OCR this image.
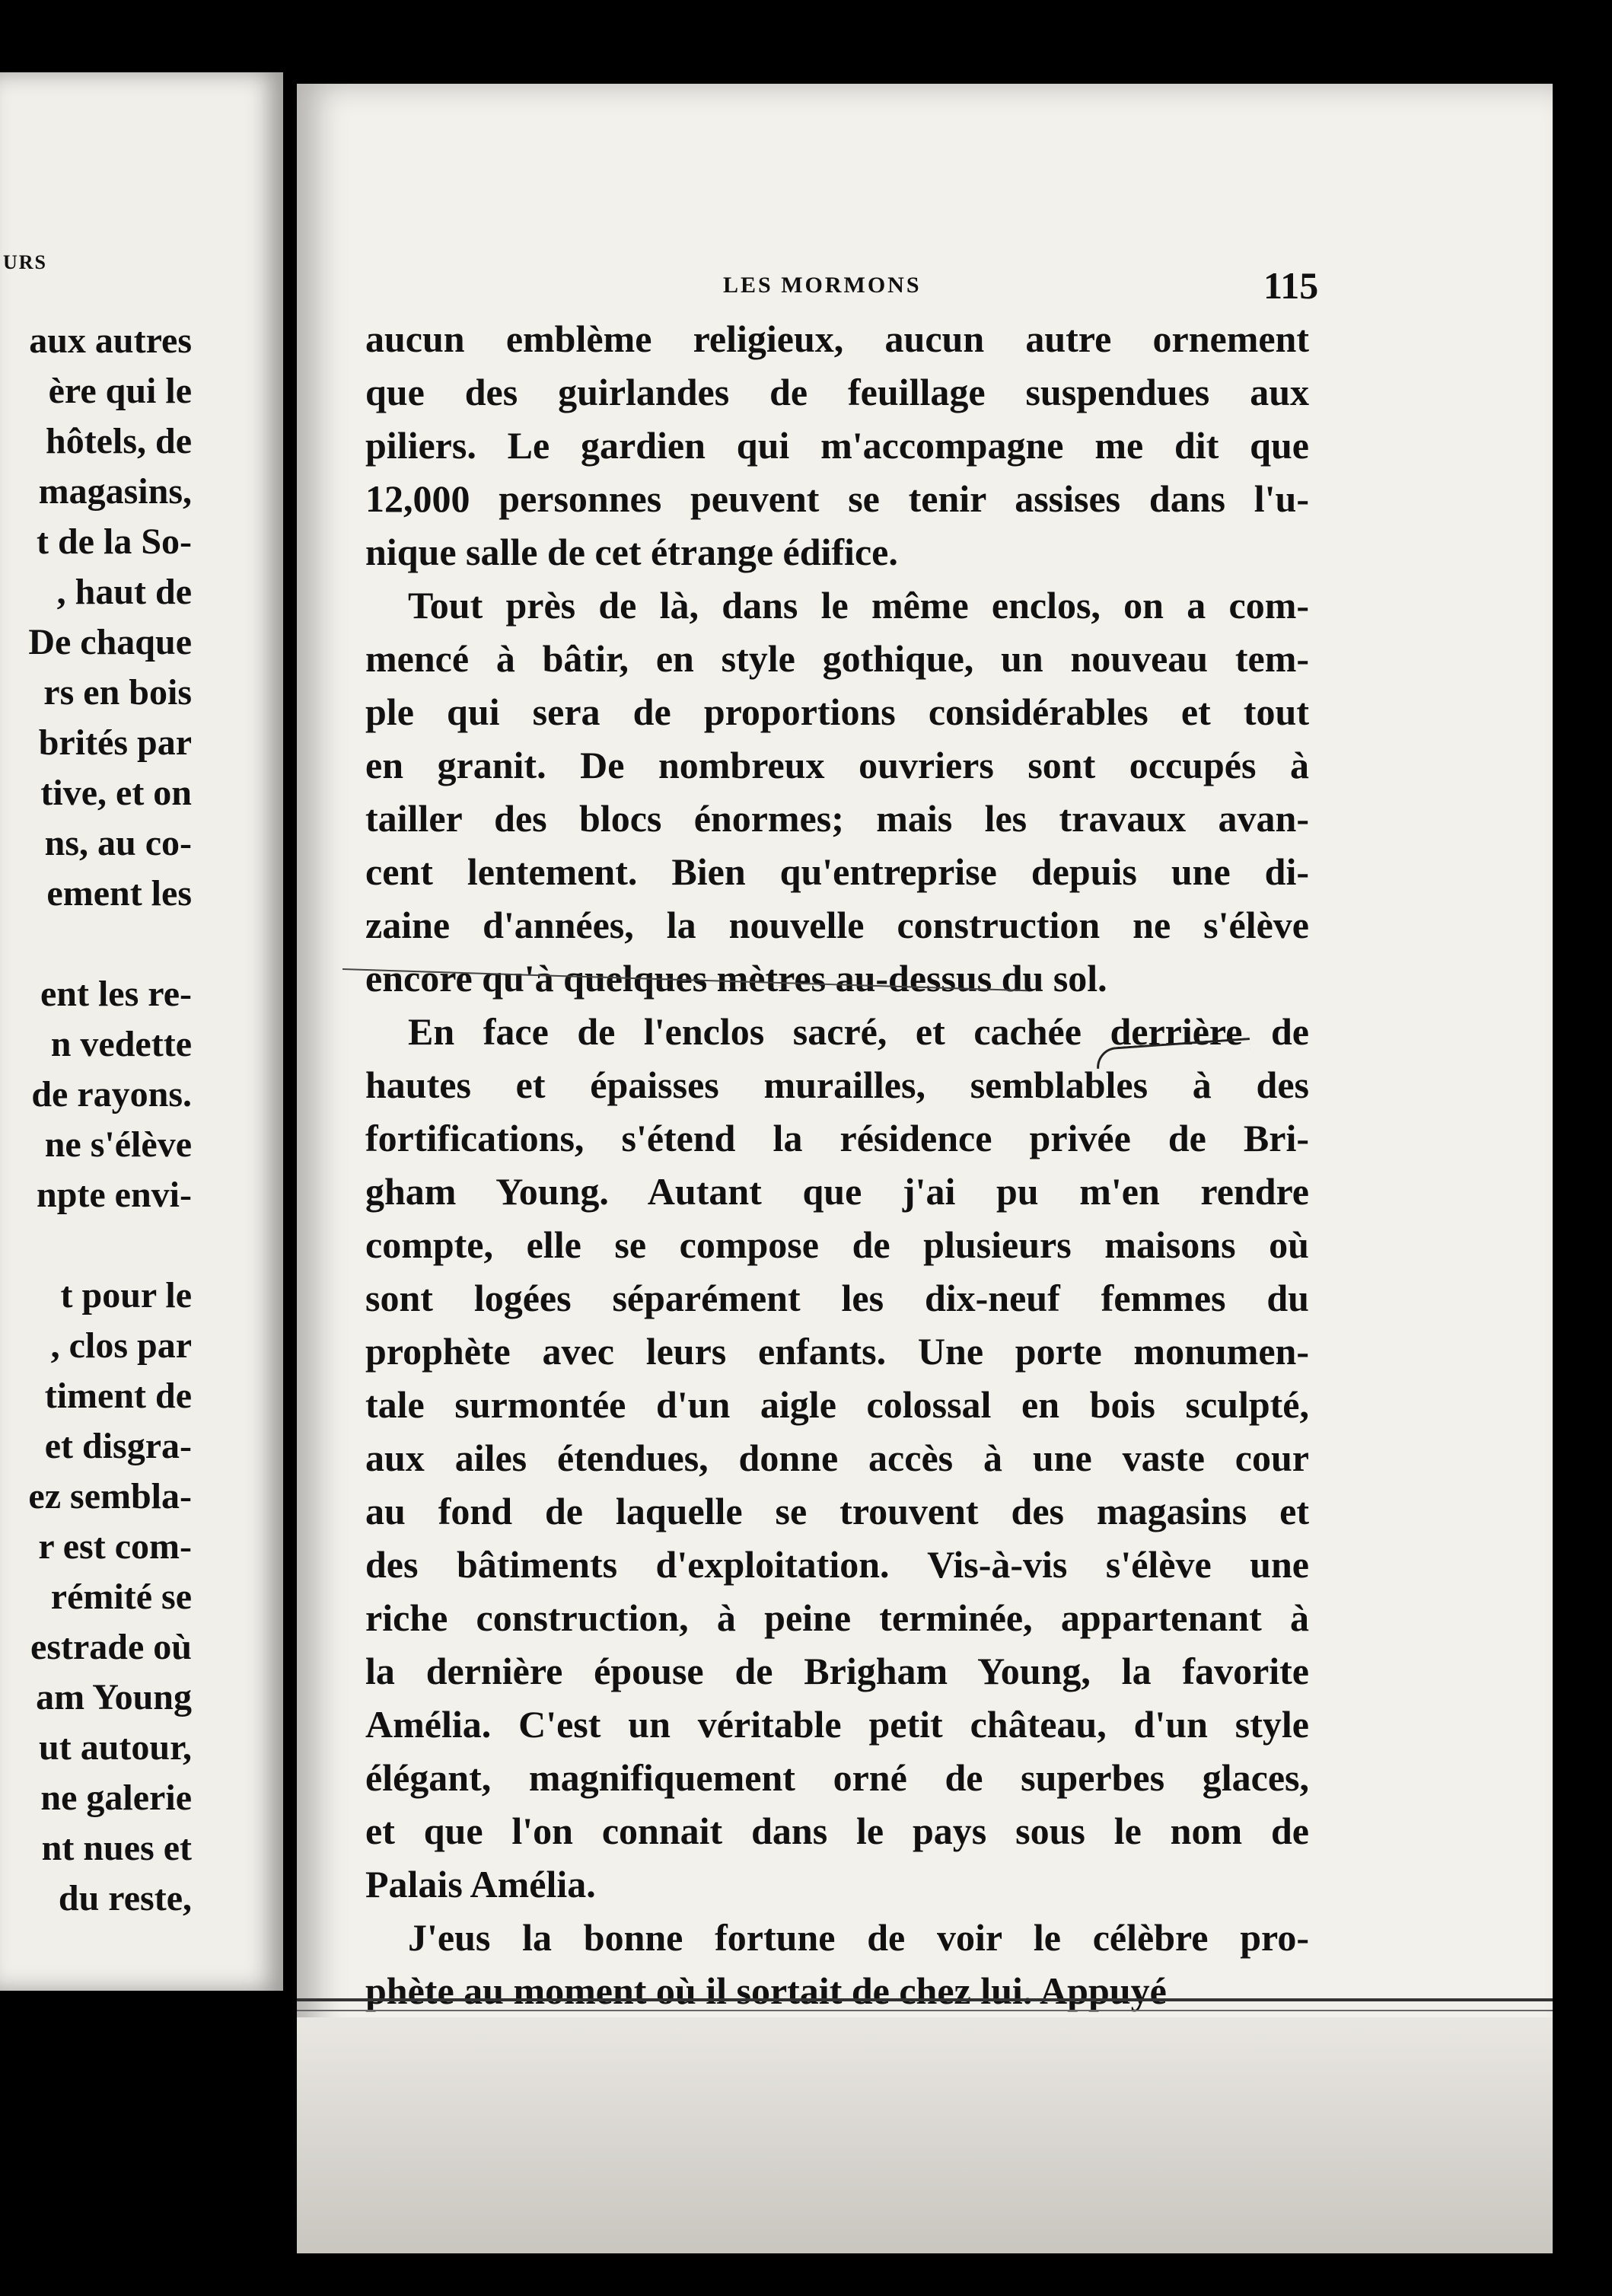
URS
aux autres
ère qui le
hôtels, de
magasins,
t de la So-
, haut de
De chaque
rs en bois
brités par
tive, et on
ns, au co-
ement les
ent les re-
n vedette
de rayons.
ne s'élève
npte envi-
t pour le
, clos par
timent de
et disgra-
ez sembla-
r est com-
rémité se
estrade où
am Young
ut autour,
ne galerie
nt nues et
du reste,
LES MORMONS	115
aucun emblème religieux, aucun autre ornement
que des guirlandes de feuillage suspendues aux
piliers. Le gardien qui m'accompagne me dit que
12,000 personnes peuvent se tenir assises dans l'u-
nique salle de cet étrange édifice.
Tout près de là, dans le même enclos, on a com-
mencé à bâtir, en style gothique, un nouveau tem-
ple qui sera de proportions considérables et tout
en granit. De nombreux ouvriers sont occupés à
tailler des blocs énormes; mais les travaux avan-
cent lentement. Bien qu'entreprise depuis une di-
zaine d'années, la nouvelle construction ne s'élève
encore qu'à quelques mètres au-dessus du sol.
En face de l'enclos sacré, et cachée derrière de
hautes et épaisses murailles, semblables à des
fortifications, s'étend la résidence privée de Bri-
gham Young. Autant que j'ai pu m'en rendre
compte, elle se compose de plusieurs maisons où
sont logées séparément les dix-neuf femmes du
prophète avec leurs enfants. Une porte monumen-
tale surmontée d'un aigle colossal en bois sculpté,
aux ailes étendues, donne accès à une vaste cour
au fond de laquelle se trouvent des magasins et
des bâtiments d'exploitation. Vis-à-vis s'élève une
riche construction, à peine terminée, appartenant à
la dernière épouse de Brigham Young, la favorite
Amélia. C'est un véritable petit château, d'un style
élégant, magnifiquement orné de superbes glaces,
et que l'on connait dans le pays sous le nom de
Palais Amélia.
J'eus la bonne fortune de voir le célèbre pro-
phète au moment où il sortait de chez lui. Appuyé
